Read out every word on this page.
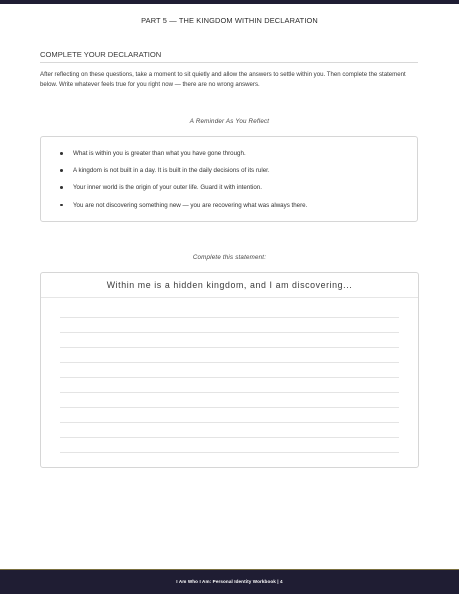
PART 5 — THE KINGDOM WITHIN DECLARATION
COMPLETE YOUR DECLARATION
After reflecting on these questions, take a moment to sit quietly and allow the answers to settle within you. Then complete the statement below. Write whatever feels true for you right now — there are no wrong answers.
A Reminder As You Reflect
What is within you is greater than what you have gone through.
A kingdom is not built in a day. It is built in the daily decisions of its ruler.
Your inner world is the origin of your outer life. Guard it with intention.
You are not discovering something new — you are recovering what was always there.
Complete this statement:
Within me is a hidden kingdom, and I am discovering...
I Am Who I Am: Personal Identity Workbook | 4
